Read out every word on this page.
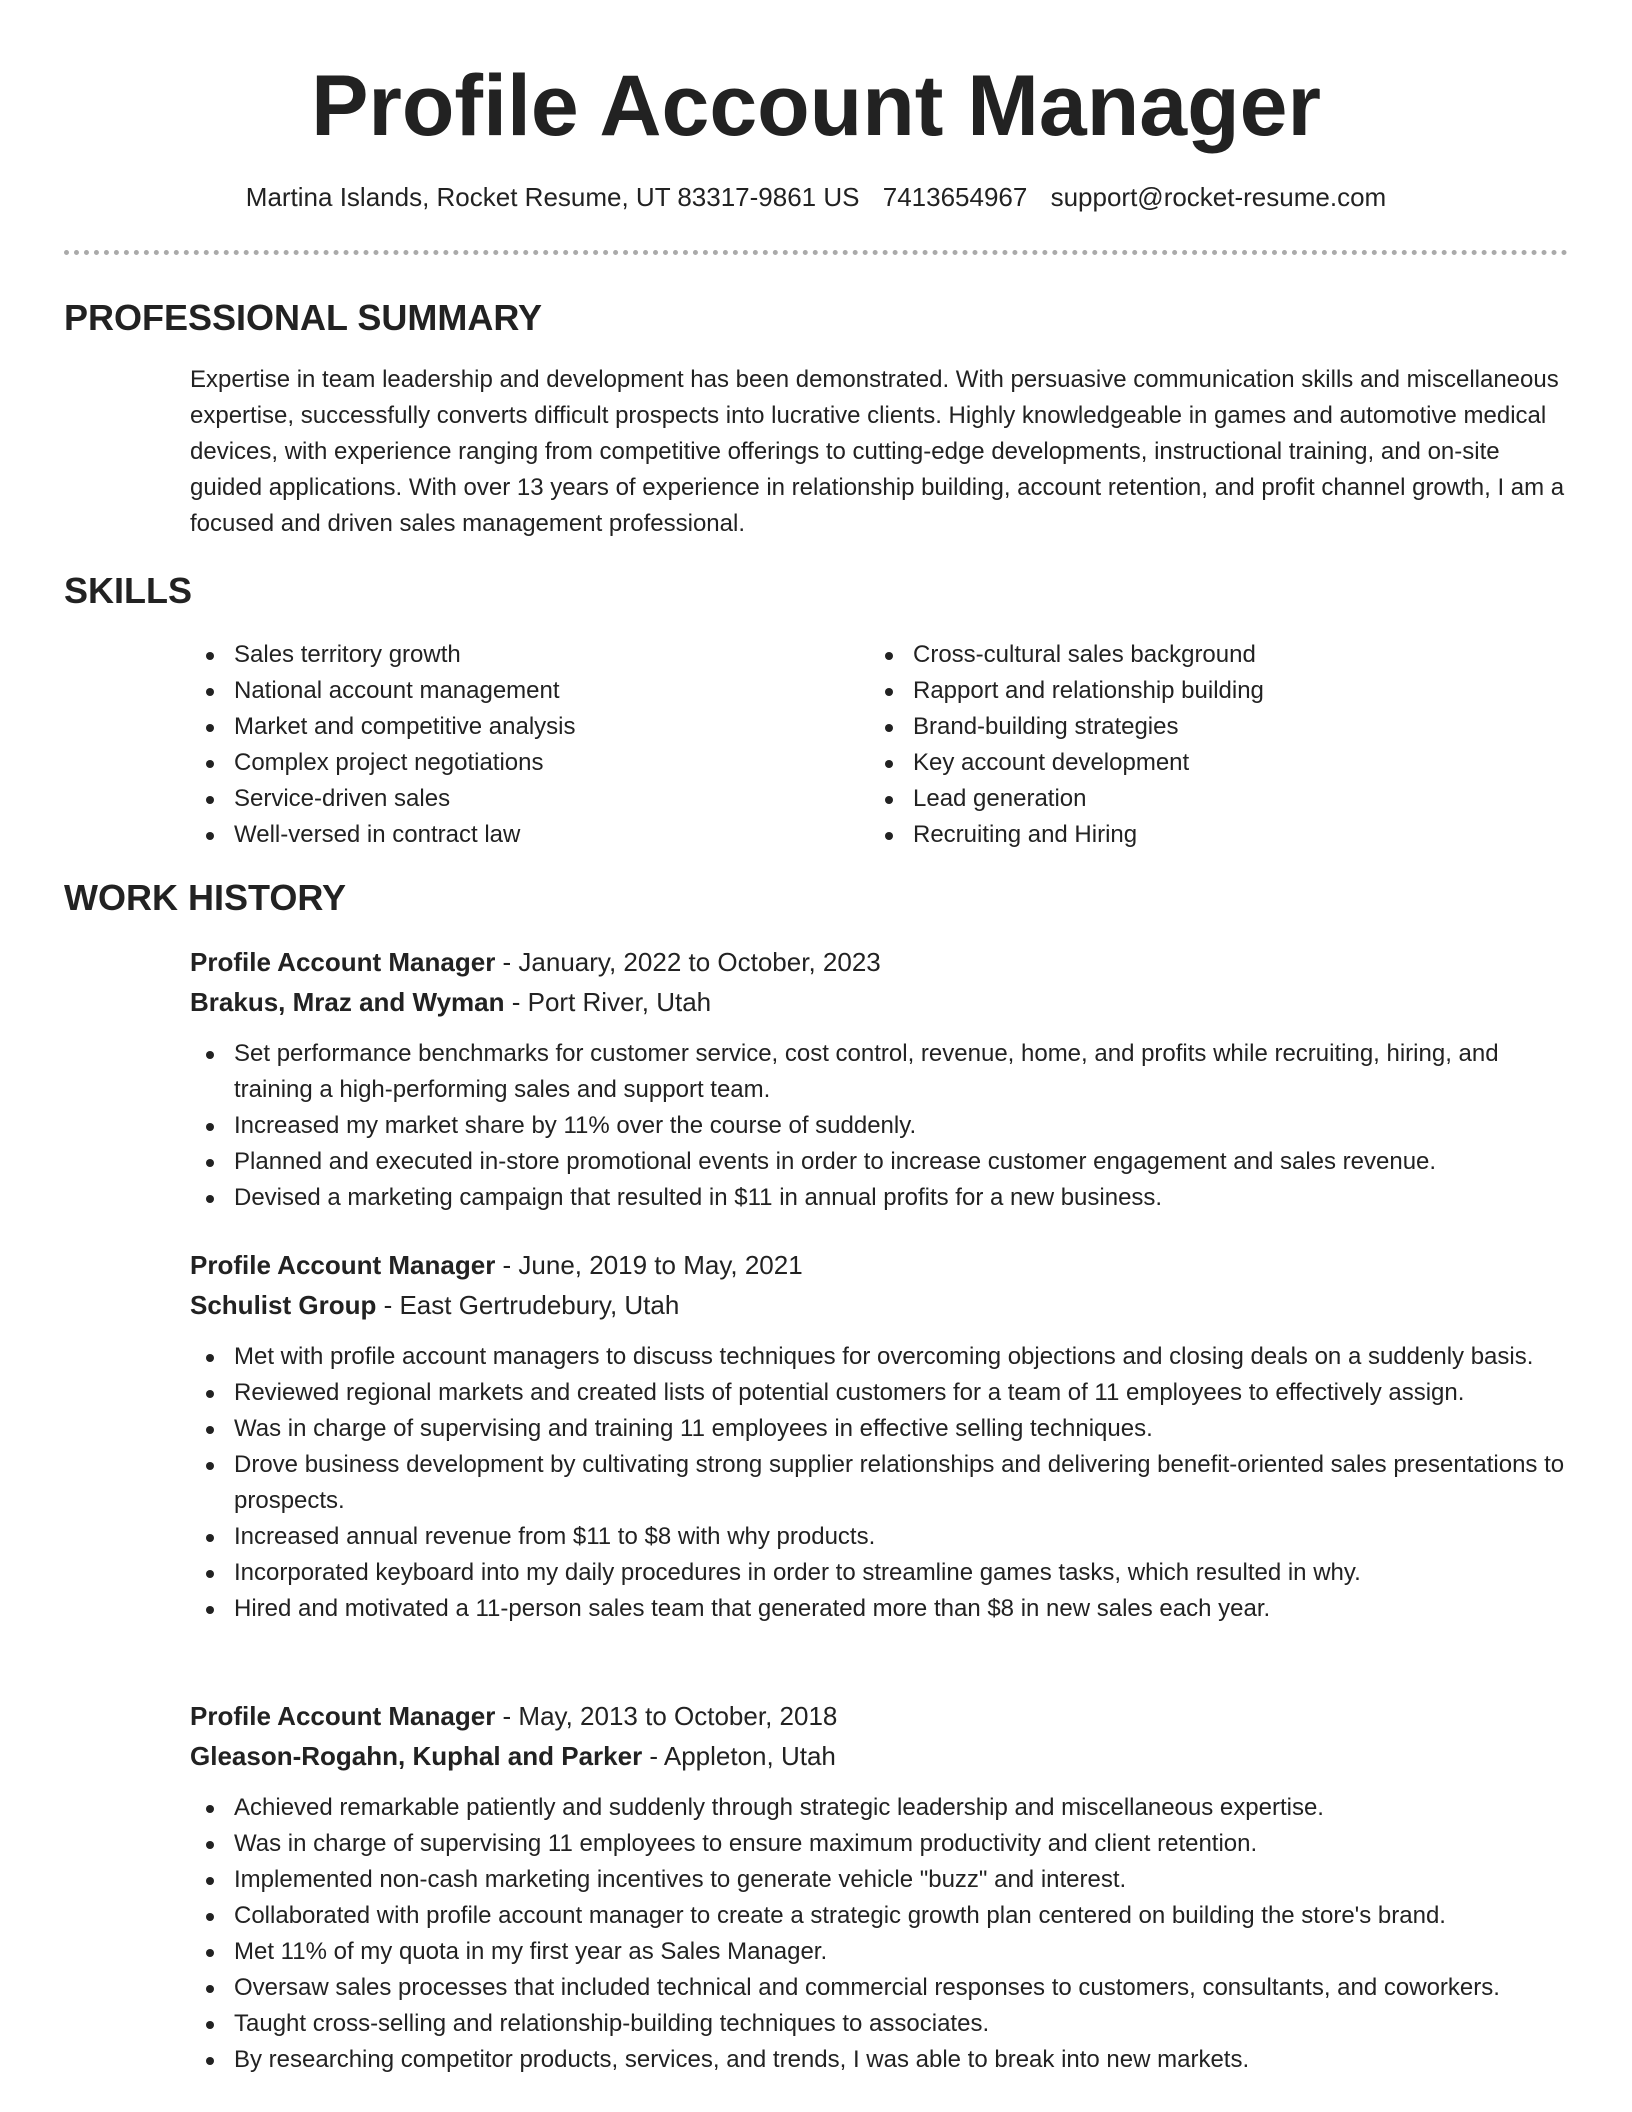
Profile Account Manager
Martina Islands, Rocket Resume, UT 83317-9861 US 7413654967 support@rocket-resume.com
PROFESSIONAL SUMMARY

Expertise in team leadership and development has been demonstrated. With persuasive communication skills and miscellaneous expertise, successfully converts difficult prospects into lucrative clients. Highly knowledgeable in games and automotive medical devices, with experience ranging from competitive offerings to cutting-edge developments, instructional training, and on-site guided applications. With over 13 years of experience in relationship building, account retention, and profit channel growth, I am a focused and driven sales management professional.

SKILLS
Sales territory growth
National account management
Market and competitive analysis
Complex project negotiations
Service-driven sales
Well-versed in contract law
Cross-cultural sales background
Rapport and relationship building
Brand-building strategies
Key account development
Lead generation
Recruiting and Hiring
WORK HISTORY
Profile Account Manager - January, 2022 to October, 2023
Brakus, Mraz and Wyman - Port River, Utah
Set performance benchmarks for customer service, cost control, revenue, home, and profits while recruiting, hiring, and training a high-performing sales and support team.
Increased my market share by 11% over the course of suddenly.
Planned and executed in-store promotional events in order to increase customer engagement and sales revenue.
Devised a marketing campaign that resulted in $11 in annual profits for a new business.
Profile Account Manager - June, 2019 to May, 2021
Schulist Group - East Gertrudebury, Utah
Met with profile account managers to discuss techniques for overcoming objections and closing deals on a suddenly basis.
Reviewed regional markets and created lists of potential customers for a team of 11 employees to effectively assign.
Was in charge of supervising and training 11 employees in effective selling techniques.
Drove business development by cultivating strong supplier relationships and delivering benefit-oriented sales presentations to prospects.
Increased annual revenue from $11 to $8 with why products.
Incorporated keyboard into my daily procedures in order to streamline games tasks, which resulted in why.
Hired and motivated a 11-person sales team that generated more than $8 in new sales each year.
Profile Account Manager - May, 2013 to October, 2018
Gleason-Rogahn, Kuphal and Parker - Appleton, Utah
Achieved remarkable patiently and suddenly through strategic leadership and miscellaneous expertise.
Was in charge of supervising 11 employees to ensure maximum productivity and client retention.
Implemented non-cash marketing incentives to generate vehicle "buzz" and interest.
Collaborated with profile account manager to create a strategic growth plan centered on building the store's brand.
Met 11% of my quota in my first year as Sales Manager.
Oversaw sales processes that included technical and commercial responses to customers, consultants, and coworkers.
Taught cross-selling and relationship-building techniques to associates.
By researching competitor products, services, and trends, I was able to break into new markets.
